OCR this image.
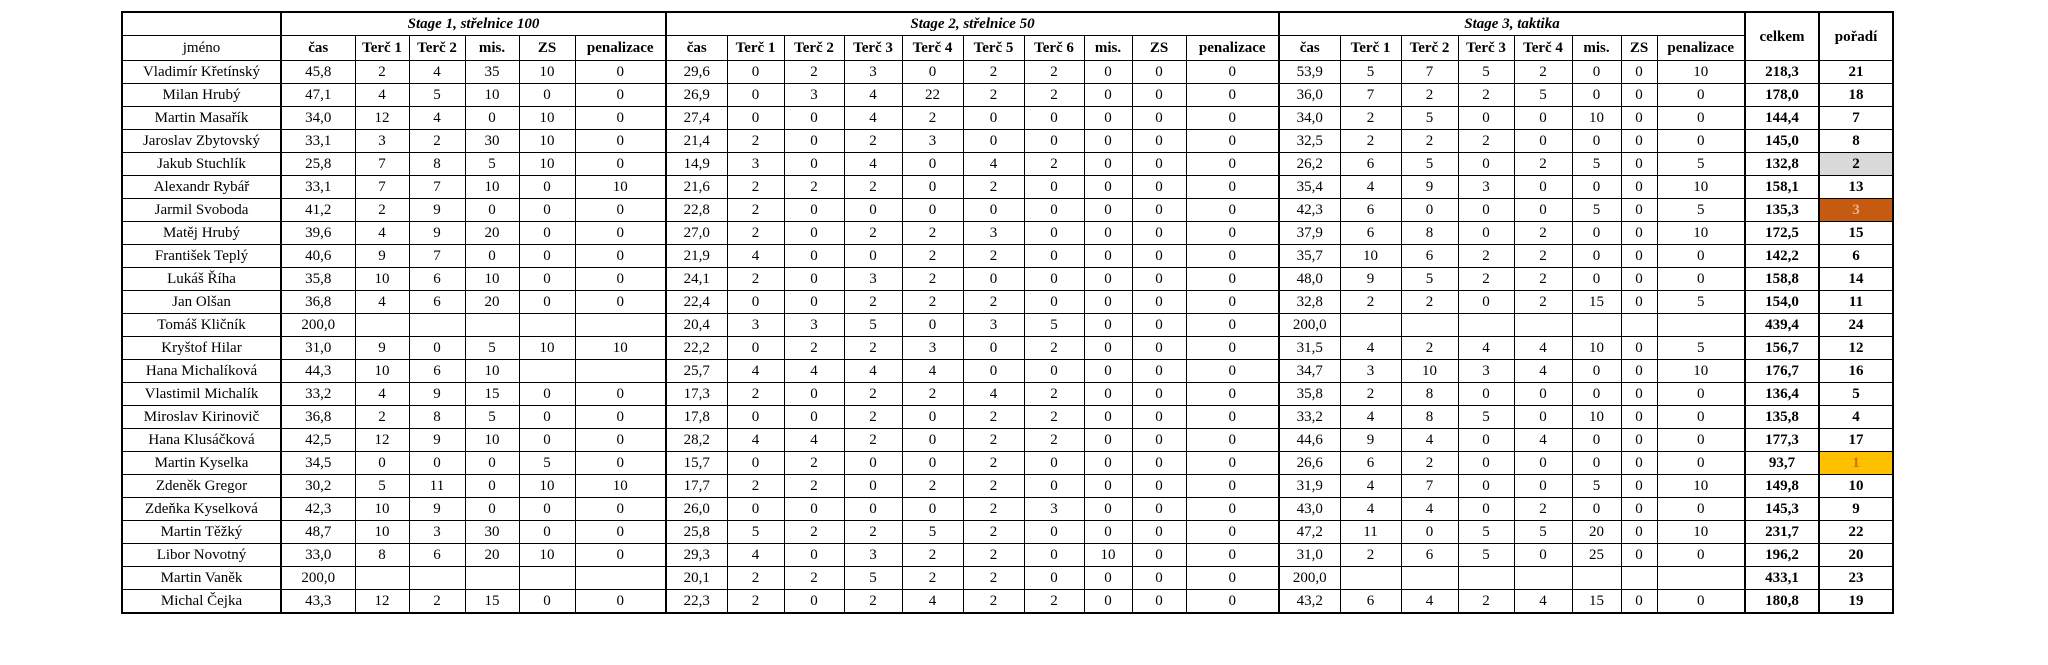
	Stage 1, střelnice 100						Stage 2, střelnice 50										Stage 3, taktika								celkem	pořadí
jméno	čas	Terč 1	Terč 2	mis.	ZS	penalizace	čas	Terč 1	Terč 2	Terč 3	Terč 4	Terč 5	Terč 6	mis.	ZS	penalizace	čas	Terč 1	Terč 2	Terč 3	Terč 4	mis.	ZS	penalizace		
Vladimír Křetínský	45,8	2	4	35	10	0	29,6	0	2	3	0	2	2	0	0	0	53,9	5	7	5	2	0	0	10	218,3	21
Milan Hrubý	47,1	4	5	10	0	0	26,9	0	3	4	22	2	2	0	0	0	36,0	7	2	2	5	0	0	0	178,0	18
Martin Masařík	34,0	12	4	0	10	0	27,4	0	0	4	2	0	0	0	0	0	34,0	2	5	0	0	10	0	0	144,4	7
Jaroslav Zbytovský	33,1	3	2	30	10	0	21,4	2	0	2	3	0	0	0	0	0	32,5	2	2	2	0	0	0	0	145,0	8
Jakub Stuchlík	25,8	7	8	5	10	0	14,9	3	0	4	0	4	2	0	0	0	26,2	6	5	0	2	5	0	5	132,8	2
Alexandr Rybář	33,1	7	7	10	0	10	21,6	2	2	2	0	2	0	0	0	0	35,4	4	9	3	0	0	0	10	158,1	13
Jarmil Svoboda	41,2	2	9	0	0	0	22,8	2	0	0	0	0	0	0	0	0	42,3	6	0	0	0	5	0	5	135,3	3
Matěj Hrubý	39,6	4	9	20	0	0	27,0	2	0	2	2	3	0	0	0	0	37,9	6	8	0	2	0	0	10	172,5	15
František Teplý	40,6	9	7	0	0	0	21,9	4	0	0	2	2	0	0	0	0	35,7	10	6	2	2	0	0	0	142,2	6
Lukáš Říha	35,8	10	6	10	0	0	24,1	2	0	3	2	0	0	0	0	0	48,0	9	5	2	2	0	0	0	158,8	14
Jan Olšan	36,8	4	6	20	0	0	22,4	0	0	2	2	2	0	0	0	0	32,8	2	2	0	2	15	0	5	154,0	11
Tomáš Kličník	200,0						20,4	3	3	5	0	3	5	0	0	0	200,0								439,4	24
Kryštof Hilar	31,0	9	0	5	10	10	22,2	0	2	2	3	0	2	0	0	0	31,5	4	2	4	4	10	0	5	156,7	12
Hana Michalíková	44,3	10	6	10			25,7	4	4	4	4	0	0	0	0	0	34,7	3	10	3	4	0	0	10	176,7	16
Vlastimil Michalík	33,2	4	9	15	0	0	17,3	2	0	2	2	4	2	0	0	0	35,8	2	8	0	0	0	0	0	136,4	5
Miroslav Kirinovič	36,8	2	8	5	0	0	17,8	0	0	2	0	2	2	0	0	0	33,2	4	8	5	0	10	0	0	135,8	4
Hana Klusáčková	42,5	12	9	10	0	0	28,2	4	4	2	0	2	2	0	0	0	44,6	9	4	0	4	0	0	0	177,3	17
Martin Kyselka	34,5	0	0	0	5	0	15,7	0	2	0	0	2	0	0	0	0	26,6	6	2	0	0	0	0	0	93,7	1
Zdeněk Gregor	30,2	5	11	0	10	10	17,7	2	2	0	2	2	0	0	0	0	31,9	4	7	0	0	5	0	10	149,8	10
Zdeňka Kyselková	42,3	10	9	0	0	0	26,0	0	0	0	0	2	3	0	0	0	43,0	4	4	0	2	0	0	0	145,3	9
Martin Těžký	48,7	10	3	30	0	0	25,8	5	2	2	5	2	0	0	0	0	47,2	11	0	5	5	20	0	10	231,7	22
Libor Novotný	33,0	8	6	20	10	0	29,3	4	0	3	2	2	0	10	0	0	31,0	2	6	5	0	25	0	0	196,2	20
Martin Vaněk	200,0						20,1	2	2	5	2	2	0	0	0	0	200,0								433,1	23
Michal Čejka	43,3	12	2	15	0	0	22,3	2	0	2	4	2	2	0	0	0	43,2	6	4	2	4	15	0	0	180,8	19
